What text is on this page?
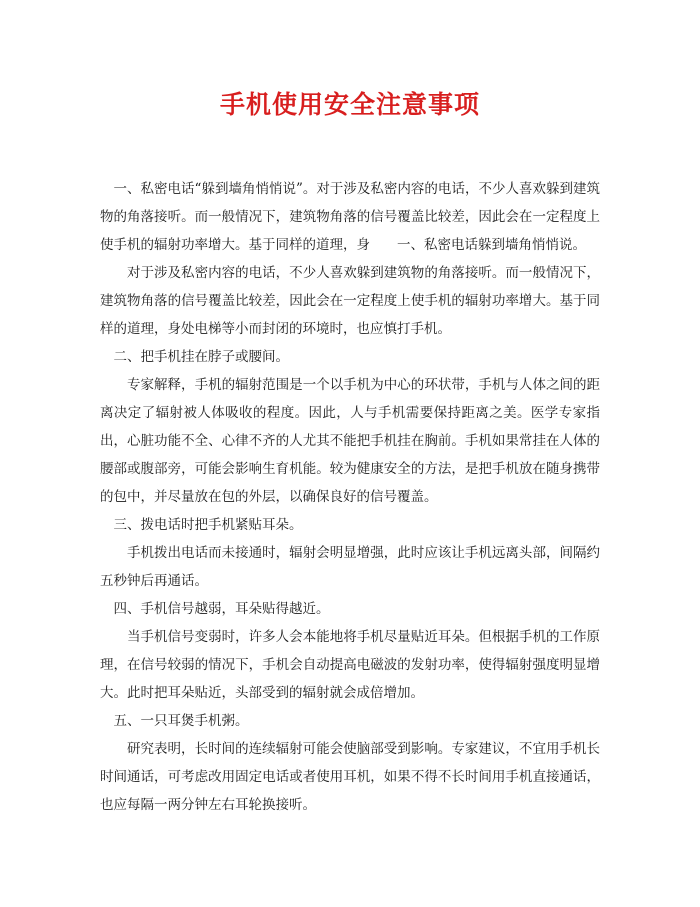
手机使用安全注意事项

一、私密电话“躲到墙角悄悄说”。对于涉及私密内容的电话，不少人喜欢躲到建筑物的角落接听。而一般情况下，建筑物角落的信号覆盖比较差，因此会在一定程度上使手机的辐射功率增大。基于同样的道理，身　　一、私密电话躲到墙角悄悄说。

对于涉及私密内容的电话，不少人喜欢躲到建筑物的角落接听。而一般情况下，建筑物角落的信号覆盖比较差，因此会在一定程度上使手机的辐射功率增大。基于同样的道理，身处电梯等小而封闭的环境时，也应慎打手机。

二、把手机挂在脖子或腰间。

专家解释，手机的辐射范围是一个以手机为中心的环状带，手机与人体之间的距离决定了辐射被人体吸收的程度。因此，人与手机需要保持距离之美。医学专家指出，心脏功能不全、心律不齐的人尤其不能把手机挂在胸前。手机如果常挂在人体的腰部或腹部旁，可能会影响生育机能。较为健康安全的方法，是把手机放在随身携带的包中，并尽量放在包的外层，以确保良好的信号覆盖。

三、拨电话时把手机紧贴耳朵。

手机拨出电话而未接通时，辐射会明显增强，此时应该让手机远离头部，间隔约五秒钟后再通话。

四、手机信号越弱，耳朵贴得越近。

当手机信号变弱时，许多人会本能地将手机尽量贴近耳朵。但根据手机的工作原理，在信号较弱的情况下，手机会自动提高电磁波的发射功率，使得辐射强度明显增大。此时把耳朵贴近，头部受到的辐射就会成倍增加。

五、一只耳煲手机粥。

研究表明，长时间的连续辐射可能会使脑部受到影响。专家建议，不宜用手机长时间通话，可考虑改用固定电话或者使用耳机，如果不得不长时间用手机直接通话，也应每隔一两分钟左右耳轮换接听。
